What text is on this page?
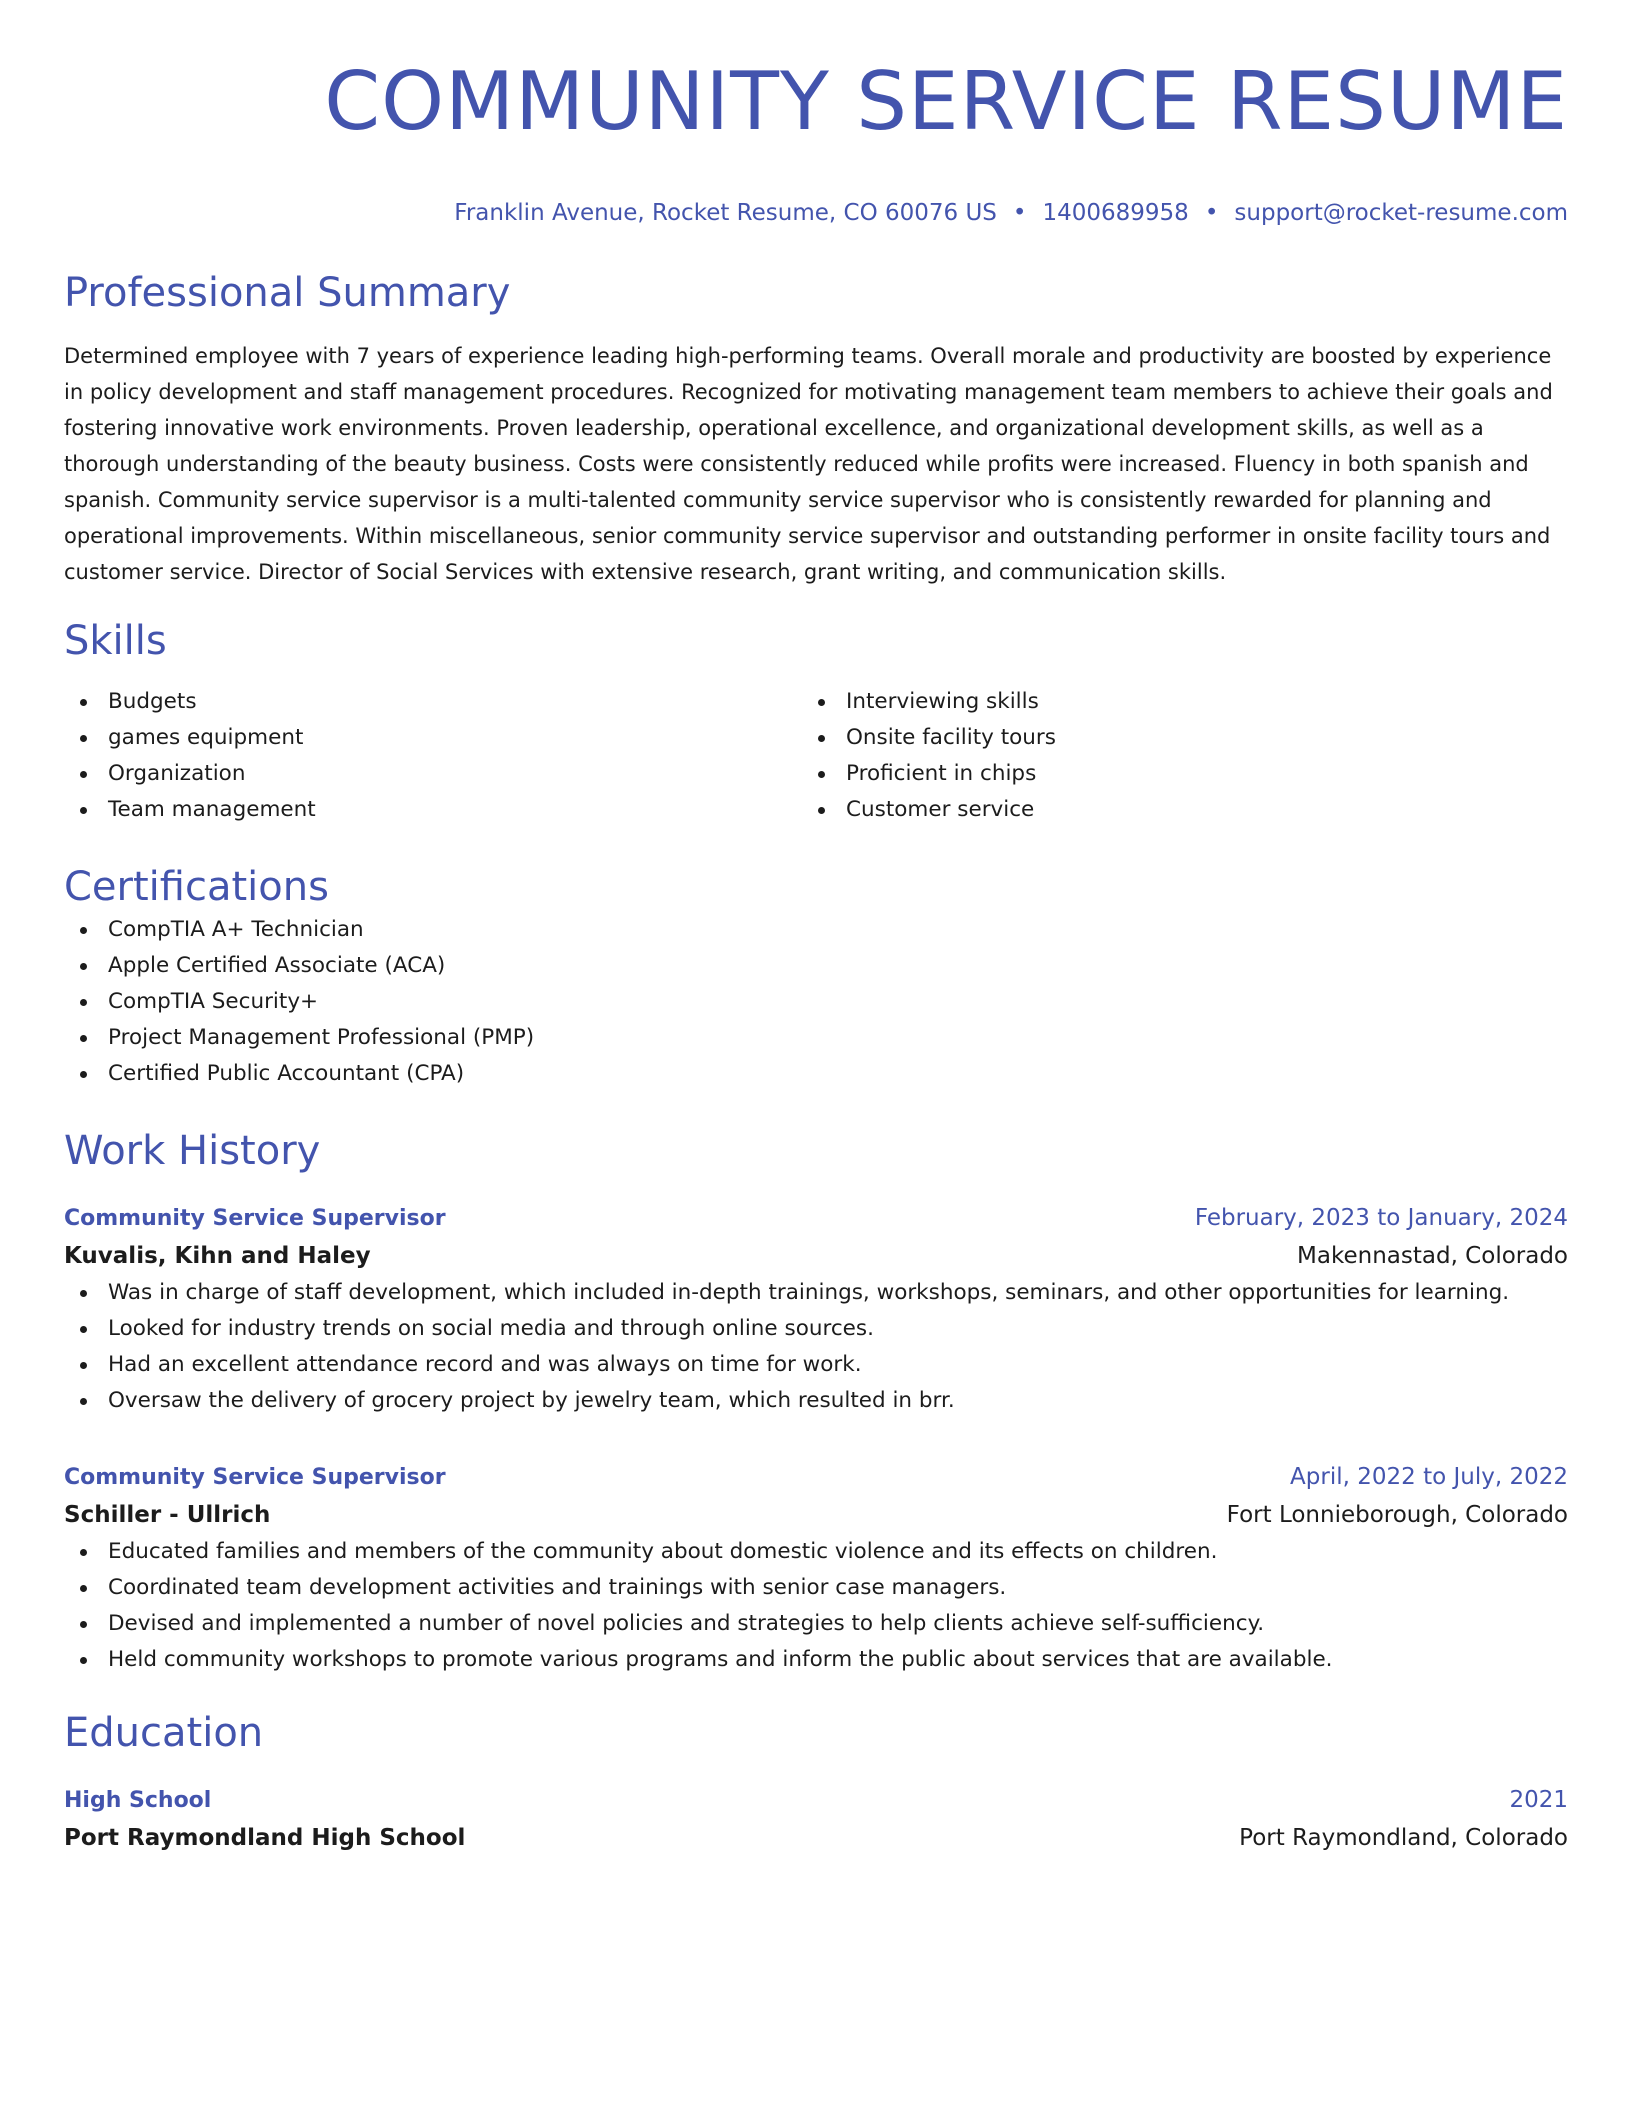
COMMUNITY SERVICE RESUME
Franklin Avenue, Rocket Resume, CO 60076 US • 1400689958 • support@rocket-resume.com
Professional Summary

Determined employee with 7 years of experience leading high-performing teams. Overall morale and productivity are boosted by experience in policy development and staff management procedures. Recognized for motivating management team members to achieve their goals and fostering innovative work environments. Proven leadership, operational excellence, and organizational development skills, as well as a thorough understanding of the beauty business. Costs were consistently reduced while profits were increased. Fluency in both spanish and spanish. Community service supervisor is a multi-talented community service supervisor who is consistently rewarded for planning and operational improvements. Within miscellaneous, senior community service supervisor and outstanding performer in onsite facility tours and customer service. Director of Social Services with extensive research, grant writing, and communication skills.

Skills
Budgets
games equipment
Organization
Team management
Interviewing skills
Onsite facility tours
Proficient in chips
Customer service
Certifications
CompTIA A+ Technician
Apple Certified Associate (ACA)
CompTIA Security+
Project Management Professional (PMP)
Certified Public Accountant (CPA)
Work History
Community Service Supervisor	February, 2023 to January, 2024
Kuvalis, Kihn and Haley	Makennastad, Colorado
Was in charge of staff development, which included in-depth trainings, workshops, seminars, and other opportunities for learning.
Looked for industry trends on social media and through online sources.
Had an excellent attendance record and was always on time for work.
Oversaw the delivery of grocery project by jewelry team, which resulted in brr.
Community Service Supervisor	April, 2022 to July, 2022
Schiller - Ullrich	Fort Lonnieborough, Colorado
Educated families and members of the community about domestic violence and its effects on children.
Coordinated team development activities and trainings with senior case managers.
Devised and implemented a number of novel policies and strategies to help clients achieve self-sufficiency.
Held community workshops to promote various programs and inform the public about services that are available.
Education
High School	2021
Port Raymondland High School	Port Raymondland, Colorado
